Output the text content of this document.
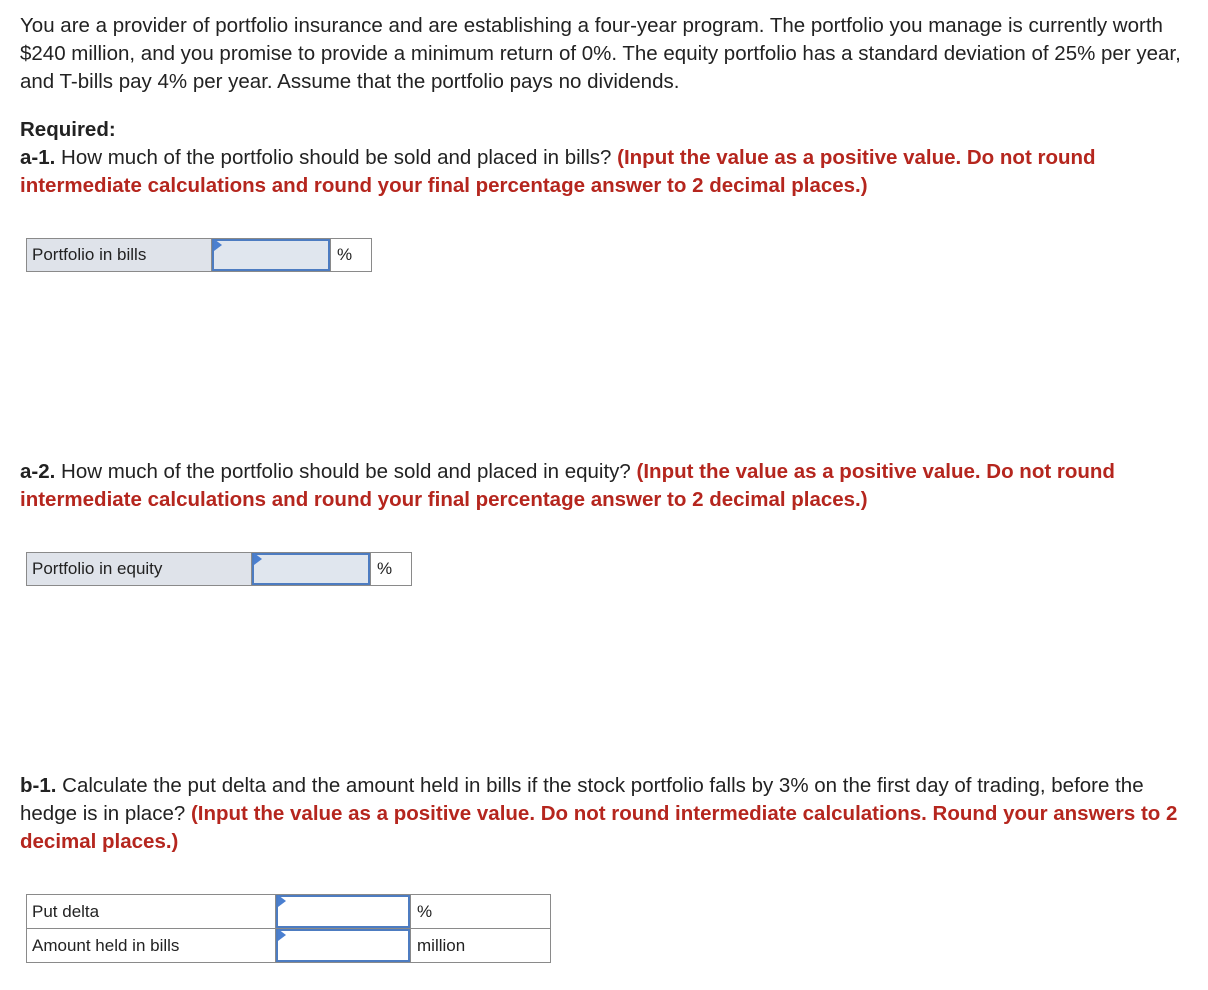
You are a provider of portfolio insurance and are establishing a four-year program. The portfolio you manage is currently worth $240 million, and you promise to provide a minimum return of 0%. The equity portfolio has a standard deviation of 25% per year, and T-bills pay 4% per year. Assume that the portfolio pays no dividends.

Required:

a-1. How much of the portfolio should be sold and placed in bills? (Input the value as a positive value. Do not round intermediate calculations and round your final percentage answer to 2 decimal places.)

Portfolio in bills		%

a-2. How much of the portfolio should be sold and placed in equity? (Input the value as a positive value. Do not round intermediate calculations and round your final percentage answer to 2 decimal places.)

Portfolio in equity		%

b-1. Calculate the put delta and the amount held in bills if the stock portfolio falls by 3% on the first day of trading, before the hedge is in place? (Input the value as a positive value. Do not round intermediate calculations. Round your answers to 2 decimal places.)

Put delta		%
Amount held in bills		million
